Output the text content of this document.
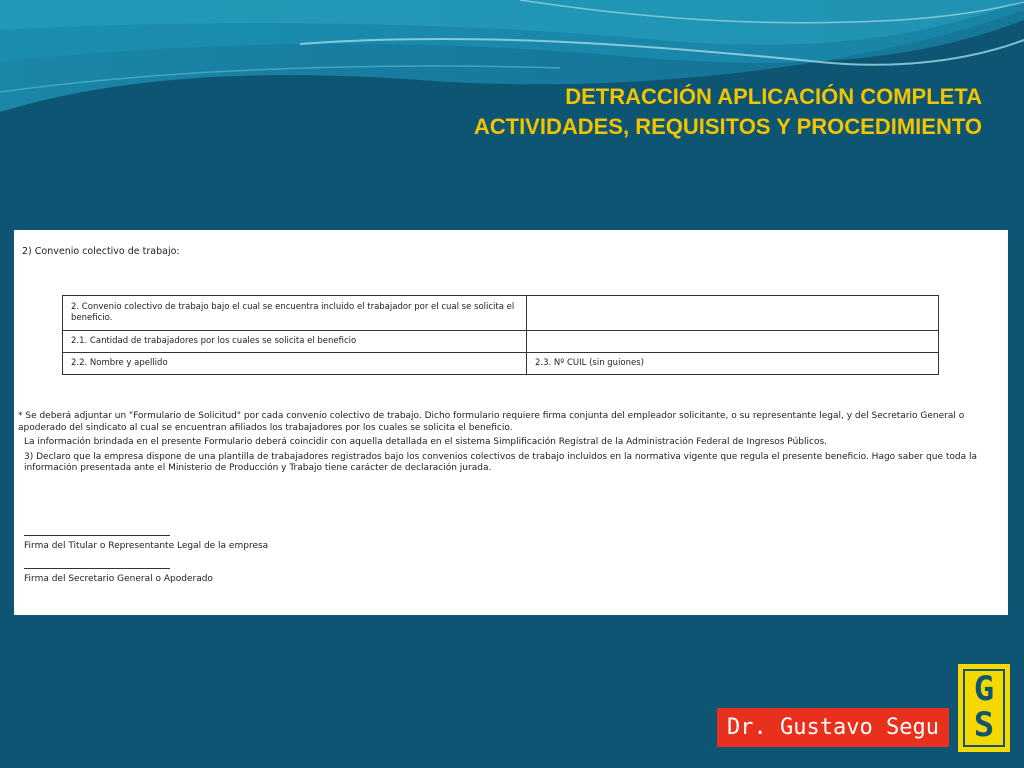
DETRACCIÓN APLICACIÓN COMPLETA
ACTIVIDADES, REQUISITOS Y PROCEDIMIENTO
2) Convenio colectivo de trabajo:
2. Convenio colectivo de trabajo bajo el cual se encuentra incluido el trabajador por el cual se solicita el beneficio.	
2.1. Cantidad de trabajadores por los cuales se solicita el beneficio	
2.2. Nombre y apellido	2.3. Nº CUIL (sin guiones)

* Se deberá adjuntar un "Formulario de Solicitud" por cada convenio colectivo de trabajo. Dicho formulario requiere firma conjunta del empleador solicitante, o su representante legal, y del Secretario General o apoderado del sindicato al cual se encuentran afiliados los trabajadores por los cuales se solicita el beneficio.

La información brindada en el presente Formulario deberá coincidir con aquella detallada en el sistema Simplificación Registral de la Administración Federal de Ingresos Públicos.

3) Declaro que la empresa dispone de una plantilla de trabajadores registrados bajo los convenios colectivos de trabajo incluidos en la normativa vigente que regula el presente beneficio. Hago saber que toda la información presentada ante el Ministerio de Producción y Trabajo tiene carácter de declaración jurada.

Firma del Titular o Representante Legal de la empresa
Firma del Secretario General o Apoderado
Dr. Gustavo Segu
G
S
